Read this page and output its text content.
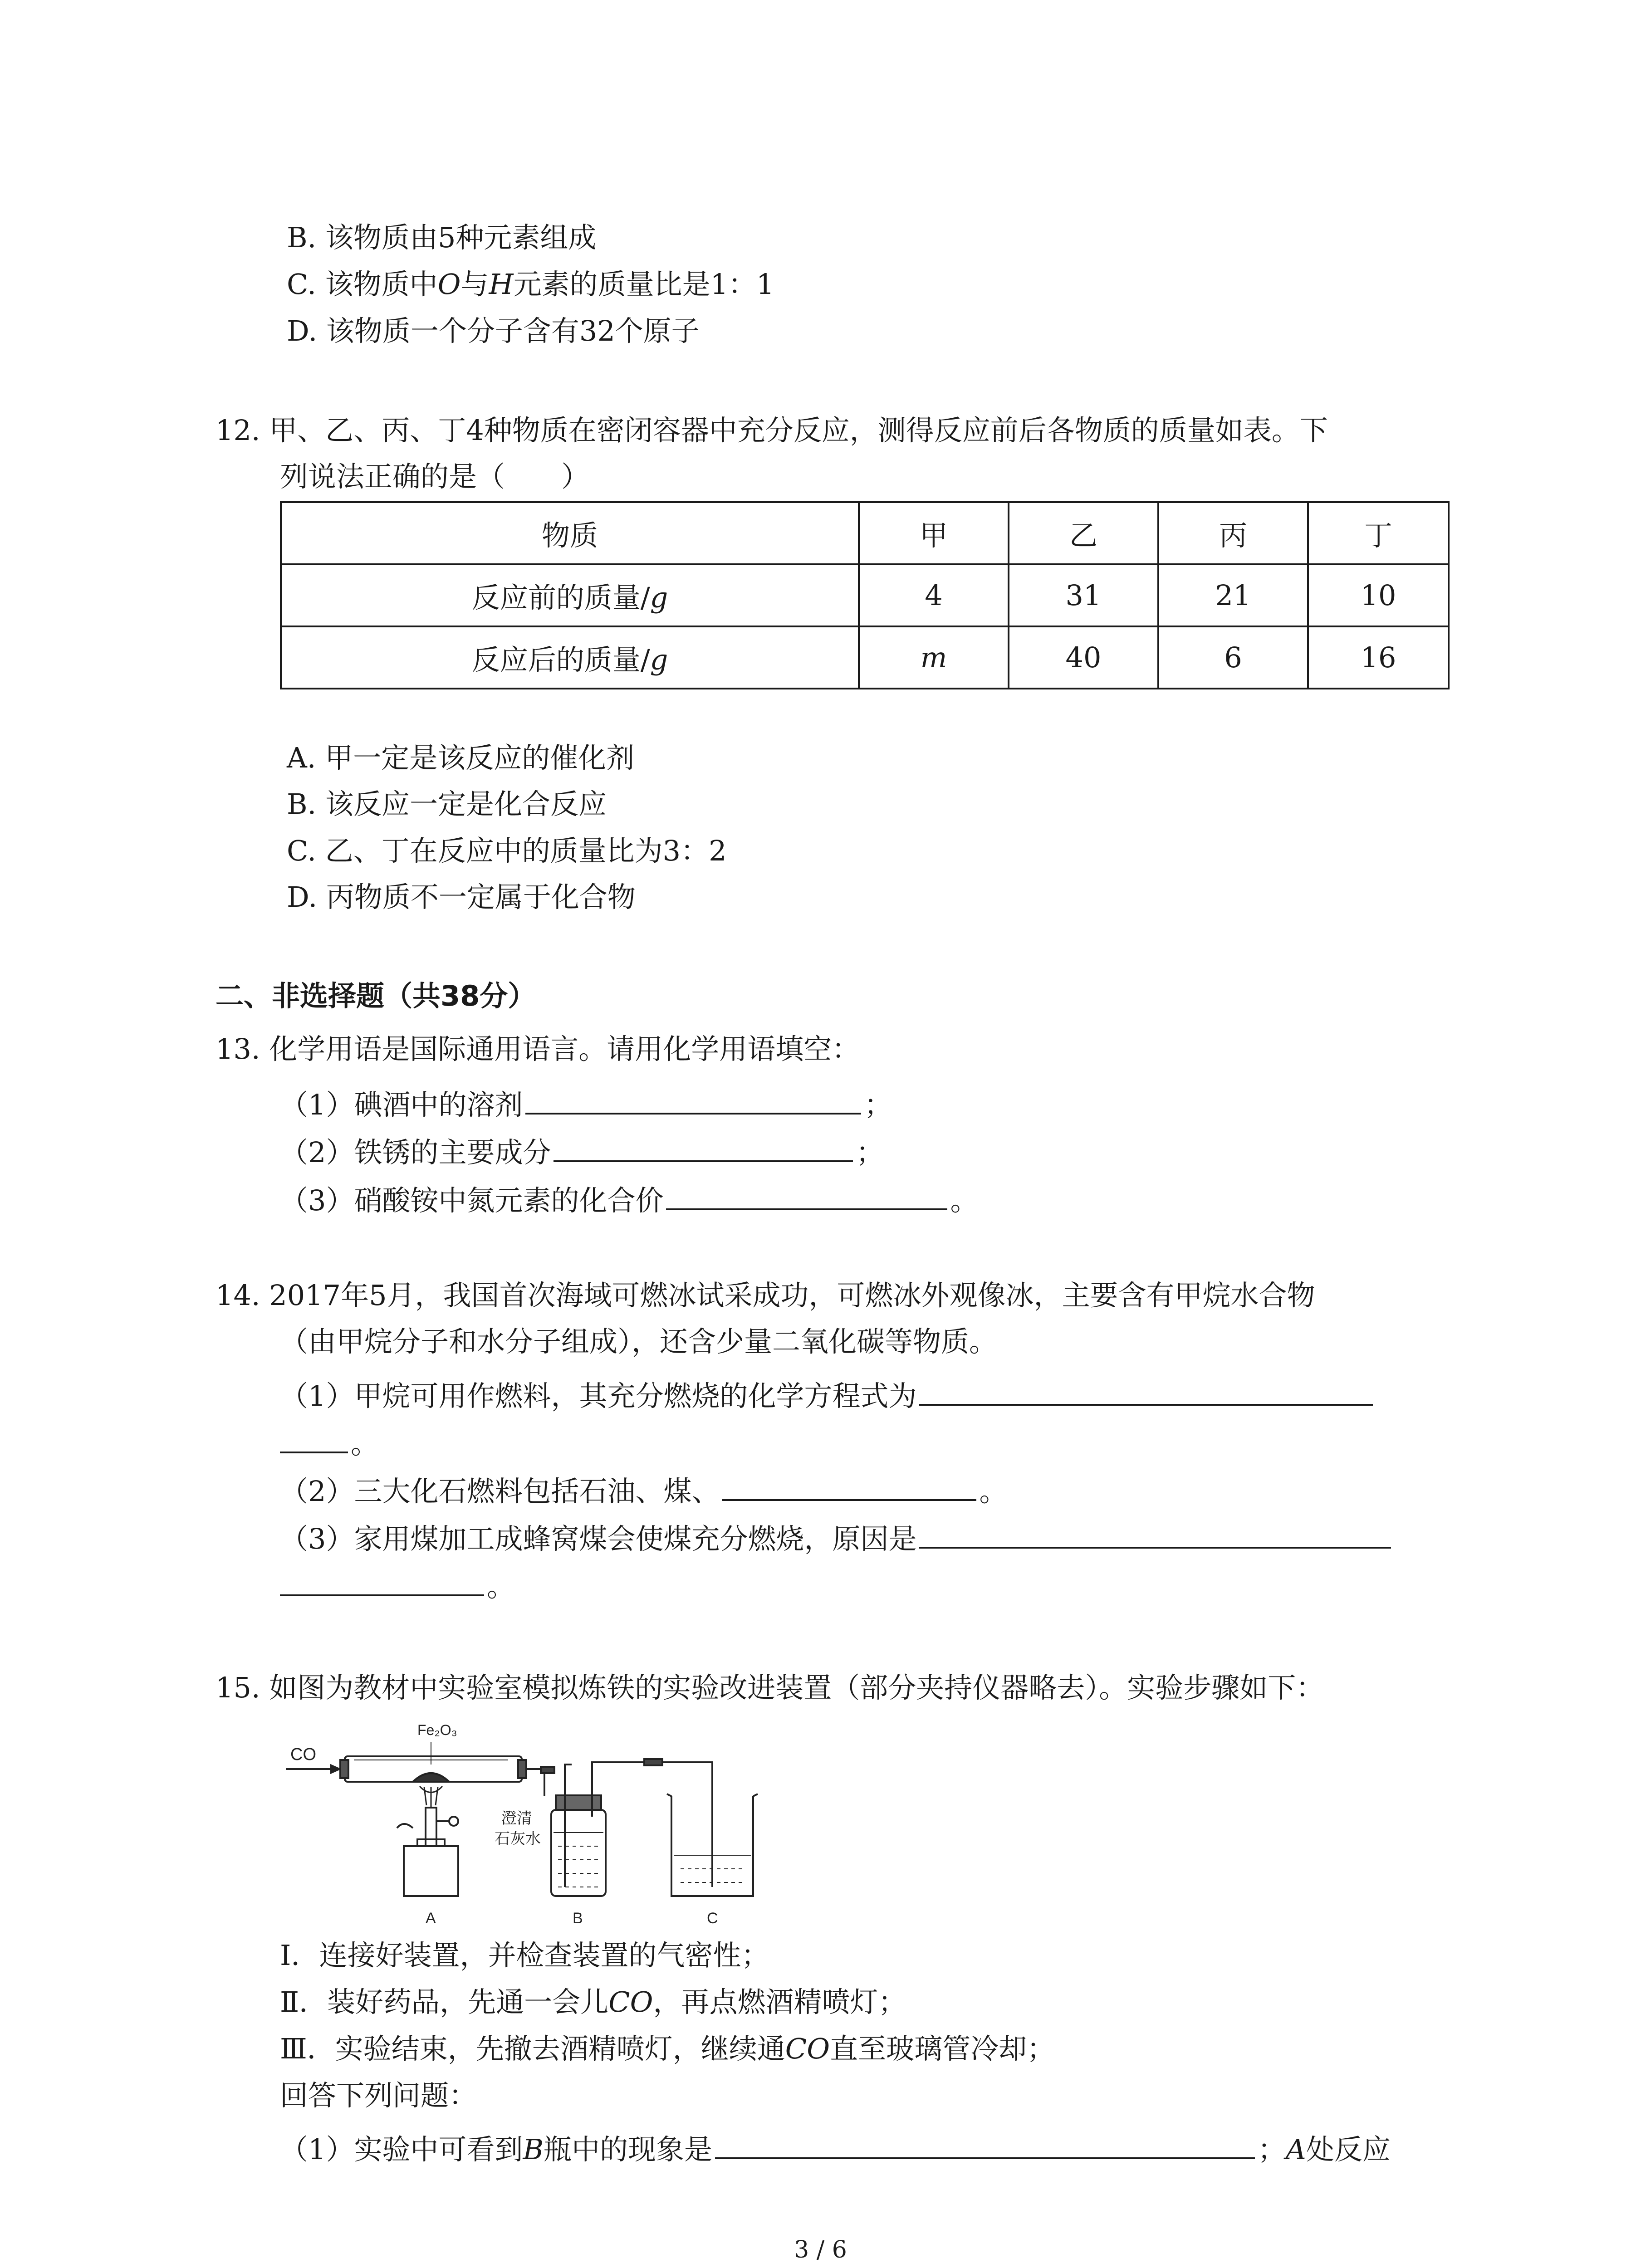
B. 该物质由5种元素组成
C. 该物质中O与H元素的质量比是1：1
D. 该物质一个分子含有32个原子
12. 甲、乙、丙、丁4种物质在密闭容器中充分反应，测得反应前后各物质的质量如表。下
列说法正确的是（　　）
物质	甲	乙	丙	丁
反应前的质量/g	4	31	21	10
反应后的质量/g	m	40	6	16
A. 甲一定是该反应的催化剂
B. 该反应一定是化合反应
C. 乙、丁在反应中的质量比为3：2
D. 丙物质不一定属于化合物
二、非选择题（共38分）
13. 化学用语是国际通用语言。请用化学用语填空：
（1）碘酒中的溶剂	；
（2）铁锈的主要成分	；
（3）硝酸铵中氮元素的化合价	。
14. 2017年5月，我国首次海域可燃冰试采成功，可燃冰外观像冰，主要含有甲烷水合物
（由甲烷分子和水分子组成），还含少量二氧化碳等物质。
（1）甲烷可用作燃料，其充分燃烧的化学方程式为
。
（2）三大化石燃料包括石油、煤、	。
（3）家用煤加工成蜂窝煤会使煤充分燃烧，原因是
。
15. 如图为教材中实验室模拟炼铁的实验改进装置（部分夹持仪器略去）。实验步骤如下：
CO
Fe₂O₃
澄清
石灰水
A	B	C
Ⅰ．连接好装置，并检查装置的气密性；
Ⅱ．装好药品，先通一会儿CO，再点燃酒精喷灯；
Ⅲ．实验结束，先撤去酒精喷灯，继续通CO直至玻璃管冷却；
回答下列问题：
（1）实验中可看到B瓶中的现象是	；A处反应
3 / 6
